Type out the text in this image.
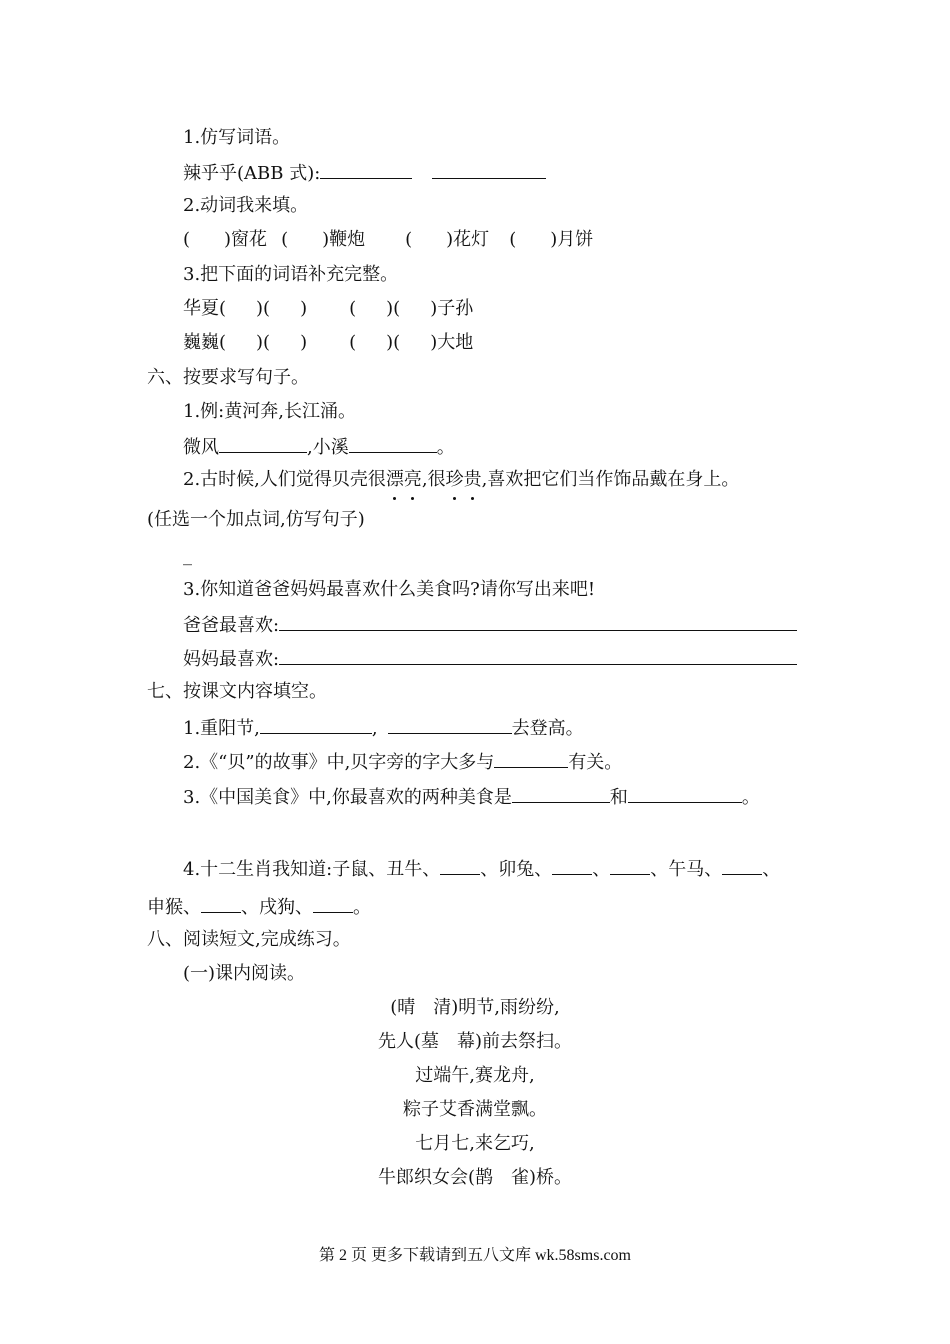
1.仿写词语。
辣乎乎(ABB 式):
2.动词我来填。
( )窗花 ( )鞭炮 ( )花灯 ( )月饼
3.把下面的词语补充完整。
华夏( )( ) ( )( )子孙
巍巍( )( ) ( )( )大地
六、按要求写句子。
1.例:黄河奔,长江涌。
微风	,小溪	。
2.古时候,人们觉得贝壳很漂亮,很珍贵,喜欢把它们当作饰品戴在身上。
(任选一个加点词,仿写句子)
_
3.你知道爸爸妈妈最喜欢什么美食吗?请你写出来吧!
爸爸最喜欢:
妈妈最喜欢:
七、按课文内容填空。
1.重阳节,	,	去登高。
2.《“贝”的故事》中,贝字旁的字大多与	有关。
3.《中国美食》中,你最喜欢的两种美食是	和	。
4.十二生肖我知道:子鼠、丑牛、 、卯兔、 、 、午马、 、
申猴、 、戌狗、 。
八、阅读短文,完成练习。
(一)课内阅读。
(晴　清)明节,雨纷纷,
先人(墓　幕)前去祭扫。
过端午,赛龙舟,
粽子艾香满堂飘。
七月七,来乞巧,
牛郎织女会(鹊　雀)桥。
第 2 页 更多下载请到五八文库 wk.58sms.com
